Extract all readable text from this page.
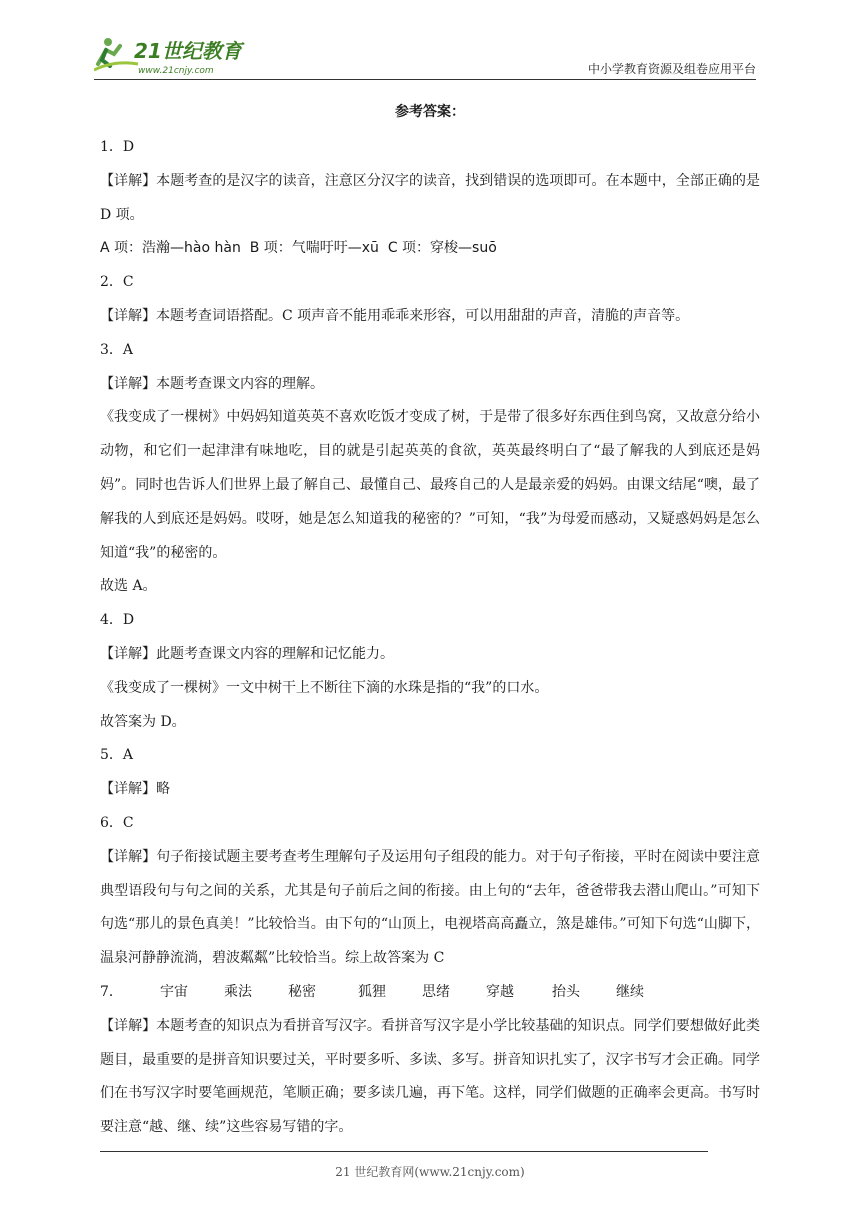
21世纪教育
www.21cnjy.com	中小学教育资源及组卷应用平台
参考答案：
1．D
【详解】本题考查的是汉字的读音，注意区分汉字的读音，找到错误的选项即可。在本题中，全部正确的是 D 项。
A 项：浩瀚—hào hàn  B 项：气喘吁吁—xū  C 项：穿梭—suō
2．C
【详解】本题考查词语搭配。C 项声音不能用乖乖来形容，可以用甜甜的声音，清脆的声音等。
3．A
【详解】本题考查课文内容的理解。
《我变成了一棵树》中妈妈知道英英不喜欢吃饭才变成了树，于是带了很多好东西住到鸟窝，又故意分给小动物，和它们一起津津有味地吃，目的就是引起英英的食欲，英英最终明白了“最了解我的人到底还是妈妈”。同时也告诉人们世界上最了解自己、最懂自己、最疼自己的人是最亲爱的妈妈。由课文结尾“噢，最了解我的人到底还是妈妈。哎呀，她是怎么知道我的秘密的？”可知，“我”为母爱而感动，又疑惑妈妈是怎么知道“我”的秘密的。
故选 A。
4．D
【详解】此题考查课文内容的理解和记忆能力。
《我变成了一棵树》一文中树干上不断往下滴的水珠是指的“我”的口水。
故答案为 D。
5．A
【详解】略
6．C
【详解】句子衔接试题主要考查考生理解句子及运用句子组段的能力。对于句子衔接，平时在阅读中要注意典型语段句与句之间的关系，尤其是句子前后之间的衔接。由上句的“去年，爸爸带我去潜山爬山。”可知下句选“那儿的景色真美！”比较恰当。由下句的“山顶上，电视塔高高矗立，煞是雄伟。”可知下句选“山脚下，温泉河静静流淌，碧波粼粼”比较恰当。综上故答案为 C
7．	宇宙	乘法	秘密	狐狸	思绪	穿越	抬头	继续
【详解】本题考查的知识点为看拼音写汉字。看拼音写汉字是小学比较基础的知识点。同学们要想做好此类题目，最重要的是拼音知识要过关，平时要多听、多读、多写。拼音知识扎实了，汉字书写才会正确。同学们在书写汉字时要笔画规范，笔顺正确；要多读几遍，再下笔。这样，同学们做题的正确率会更高。书写时要注意“越、继、续”这些容易写错的字。
21 世纪教育网(www.21cnjy.com)
